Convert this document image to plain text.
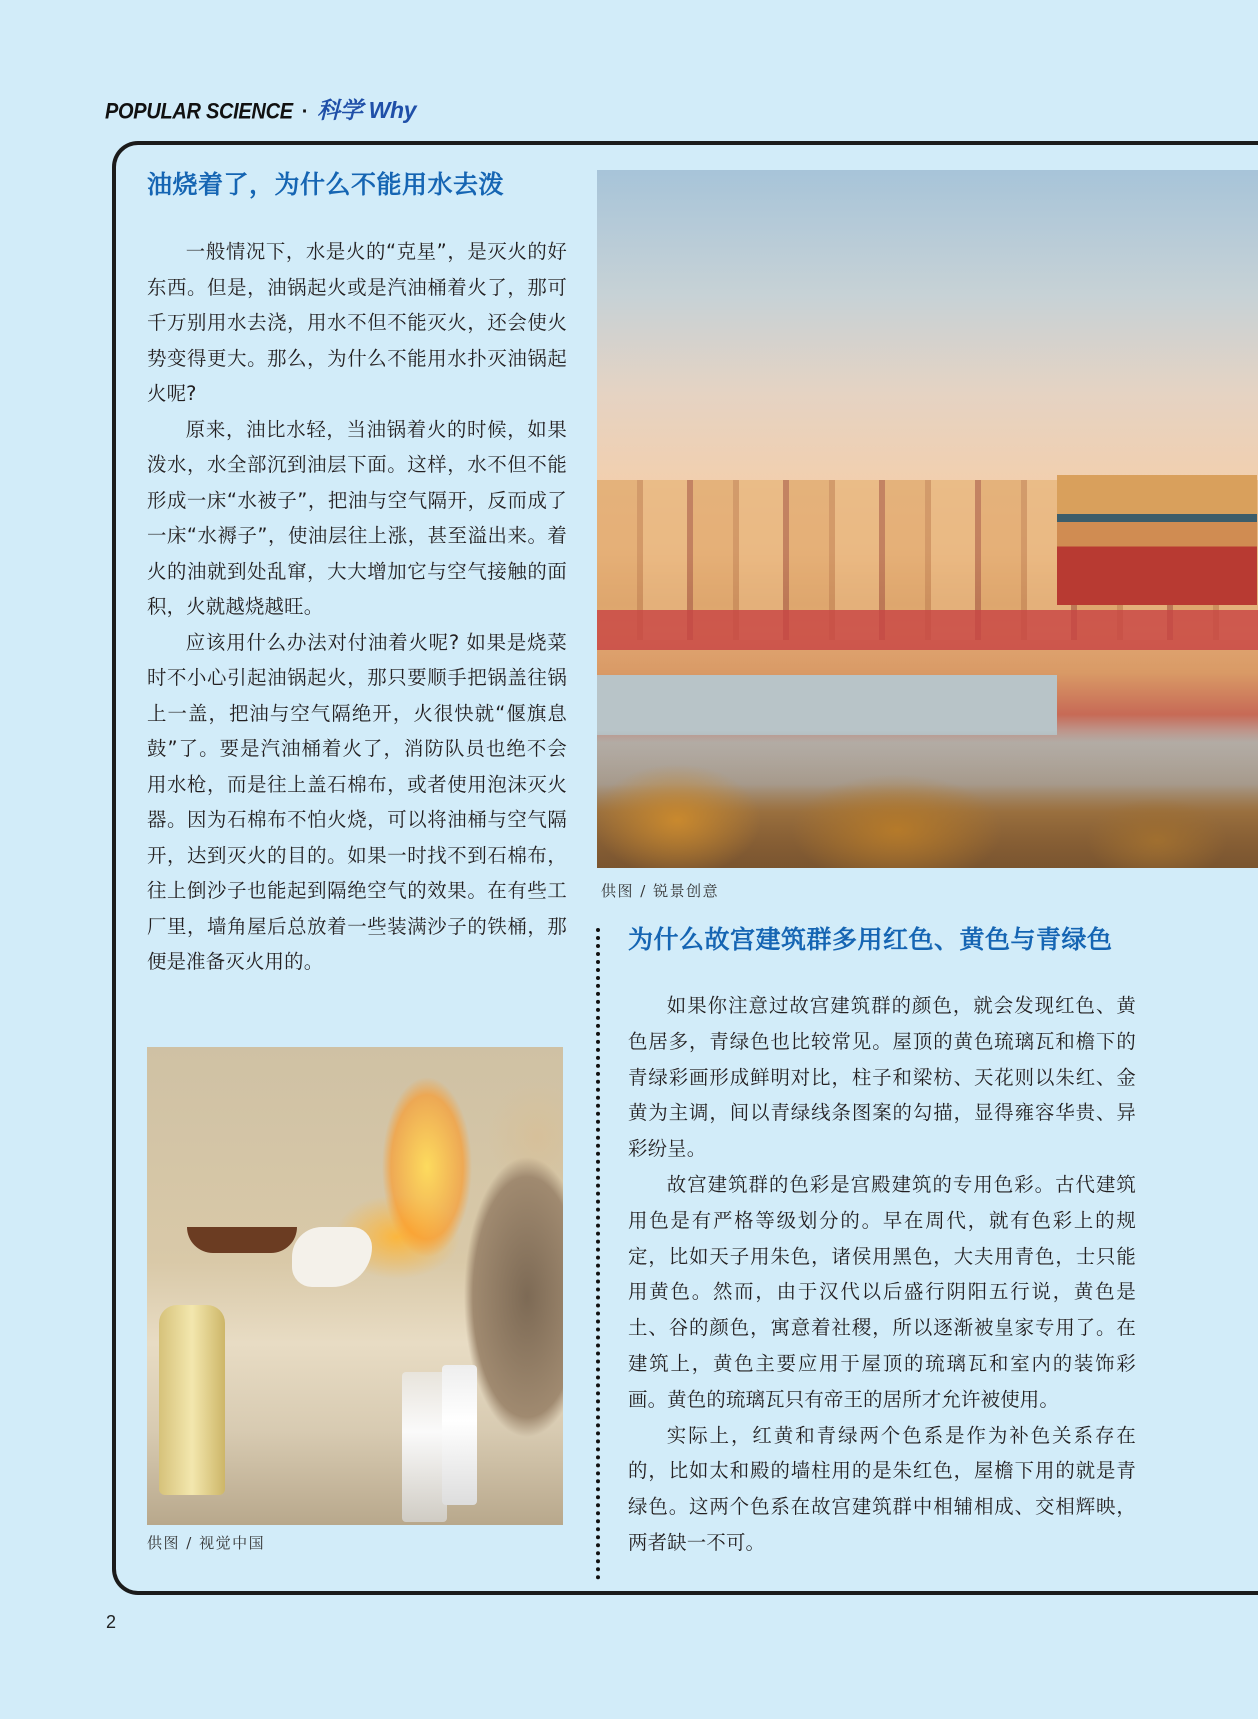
POPULAR SCIENCE · 科学 Why
油烧着了，为什么不能用水去泼

一般情况下，水是火的“克星”，是灭火的好东西。但是，油锅起火或是汽油桶着火了，那可千万别用水去浇，用水不但不能灭火，还会使火势变得更大。那么，为什么不能用水扑灭油锅起火呢?

原来，油比水轻，当油锅着火的时候，如果泼水，水全部沉到油层下面。这样，水不但不能形成一床“水被子”，把油与空气隔开，反而成了一床“水褥子”，使油层往上涨，甚至溢出来。着火的油就到处乱窜，大大增加它与空气接触的面积，火就越烧越旺。

应该用什么办法对付油着火呢? 如果是烧菜时不小心引起油锅起火，那只要顺手把锅盖往锅上一盖，把油与空气隔绝开，火很快就“偃旗息鼓”了。要是汽油桶着火了，消防队员也绝不会用水枪，而是往上盖石棉布，或者使用泡沫灭火器。因为石棉布不怕火烧，可以将油桶与空气隔开，达到灭火的目的。如果一时找不到石棉布，往上倒沙子也能起到隔绝空气的效果。在有些工厂里，墙角屋后总放着一些装满沙子的铁桶，那便是准备灭火用的。

供图 / 视觉中国
供图 / 锐景创意
为什么故宫建筑群多用红色、黄色与青绿色

如果你注意过故宫建筑群的颜色，就会发现红色、黄色居多，青绿色也比较常见。屋顶的黄色琉璃瓦和檐下的青绿彩画形成鲜明对比，柱子和梁枋、天花则以朱红、金黄为主调，间以青绿线条图案的勾描，显得雍容华贵、异彩纷呈。

故宫建筑群的色彩是宫殿建筑的专用色彩。古代建筑用色是有严格等级划分的。早在周代，就有色彩上的规定，比如天子用朱色，诸侯用黑色，大夫用青色，士只能用黄色。然而，由于汉代以后盛行阴阳五行说，黄色是土、谷的颜色，寓意着社稷，所以逐渐被皇家专用了。在建筑上，黄色主要应用于屋顶的琉璃瓦和室内的装饰彩画。黄色的琉璃瓦只有帝王的居所才允许被使用。

实际上，红黄和青绿两个色系是作为补色关系存在的，比如太和殿的墙柱用的是朱红色，屋檐下用的就是青绿色。这两个色系在故宫建筑群中相辅相成、交相辉映，两者缺一不可。

2
